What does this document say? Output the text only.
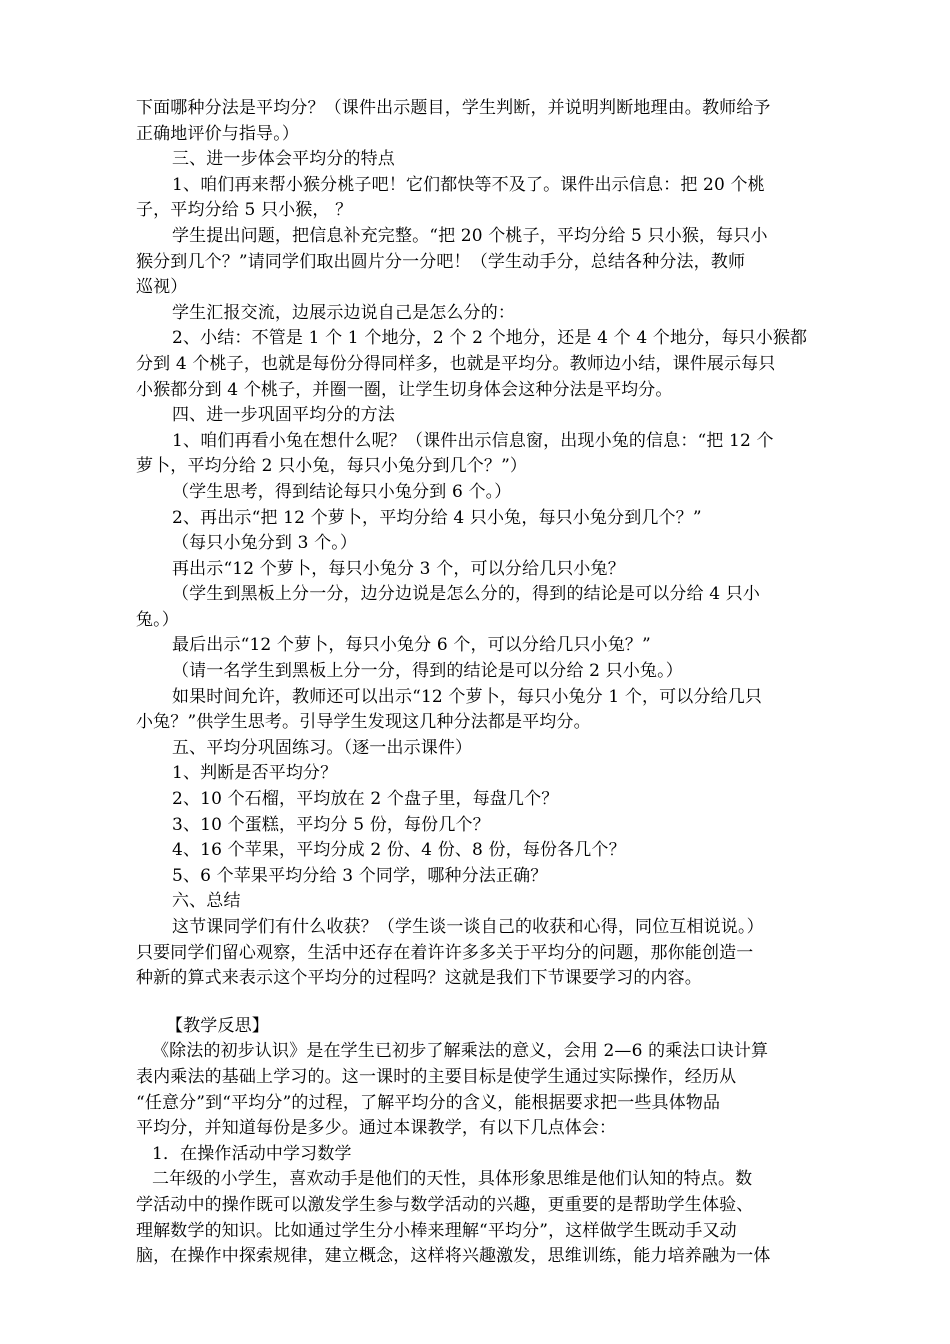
下面哪种分法是平均分？（课件出示题目，学生判断，并说明判断地理由。教师给予
正确地评价与指导。）
三、进一步体会平均分的特点
1、咱们再来帮小猴分桃子吧！它们都快等不及了。课件出示信息：把 20 个桃
子，平均分给 5 只小猴， ？
学生提出问题，把信息补充完整。“把 20 个桃子，平均分给 5 只小猴，每只小
猴分到几个？”请同学们取出圆片分一分吧！（学生动手分，总结各种分法，教师
巡视）
学生汇报交流，边展示边说自己是怎么分的：
2、小结：不管是 1 个 1 个地分，2 个 2 个地分，还是 4 个 4 个地分，每只小猴都
分到 4 个桃子，也就是每份分得同样多，也就是平均分。教师边小结，课件展示每只
小猴都分到 4 个桃子，并圈一圈，让学生切身体会这种分法是平均分。
四、进一步巩固平均分的方法
1、咱们再看小兔在想什么呢？（课件出示信息窗，出现小兔的信息：“把 12 个
萝卜，平均分给 2 只小兔，每只小兔分到几个？”）
（学生思考，得到结论每只小兔分到 6 个。）
2、再出示“把 12 个萝卜，平均分给 4 只小兔，每只小兔分到几个？”
（每只小兔分到 3 个。）
再出示“12 个萝卜，每只小兔分 3 个，可以分给几只小兔？
（学生到黑板上分一分，边分边说是怎么分的，得到的结论是可以分给 4 只小
兔。）
最后出示“12 个萝卜，每只小兔分 6 个，可以分给几只小兔？”
（请一名学生到黑板上分一分，得到的结论是可以分给 2 只小兔。）
如果时间允许，教师还可以出示“12 个萝卜，每只小兔分 1 个，可以分给几只
小兔？”供学生思考。引导学生发现这几种分法都是平均分。
五、平均分巩固练习。（逐一出示课件）
1、判断是否平均分？
2、10 个石榴，平均放在 2 个盘子里，每盘几个？
3、10 个蛋糕，平均分 5 份，每份几个？
4、16 个苹果，平均分成 2 份、4 份、8 份，每份各几个？
5、6 个苹果平均分给 3 个同学，哪种分法正确？
六、总结
这节课同学们有什么收获？（学生谈一谈自己的收获和心得，同位互相说说。）
只要同学们留心观察，生活中还存在着许许多多关于平均分的问题，那你能创造一
种新的算式来表示这个平均分的过程吗？这就是我们下节课要学习的内容。
【教学反思】
《除法的初步认识》是在学生已初步了解乘法的意义，会用 2—6 的乘法口诀计算
表内乘法的基础上学习的。这一课时的主要目标是使学生通过实际操作，经历从
“任意分”到“平均分”的过程，了解平均分的含义，能根据要求把一些具体物品
平均分，并知道每份是多少。通过本课教学，有以下几点体会：
1．在操作活动中学习数学
二年级的小学生，喜欢动手是他们的天性，具体形象思维是他们认知的特点。数
学活动中的操作既可以激发学生参与数学活动的兴趣，更重要的是帮助学生体验、
理解数学的知识。比如通过学生分小棒来理解“平均分”，这样做学生既动手又动
脑，在操作中探索规律，建立概念，这样将兴趣激发，思维训练，能力培养融为一体
